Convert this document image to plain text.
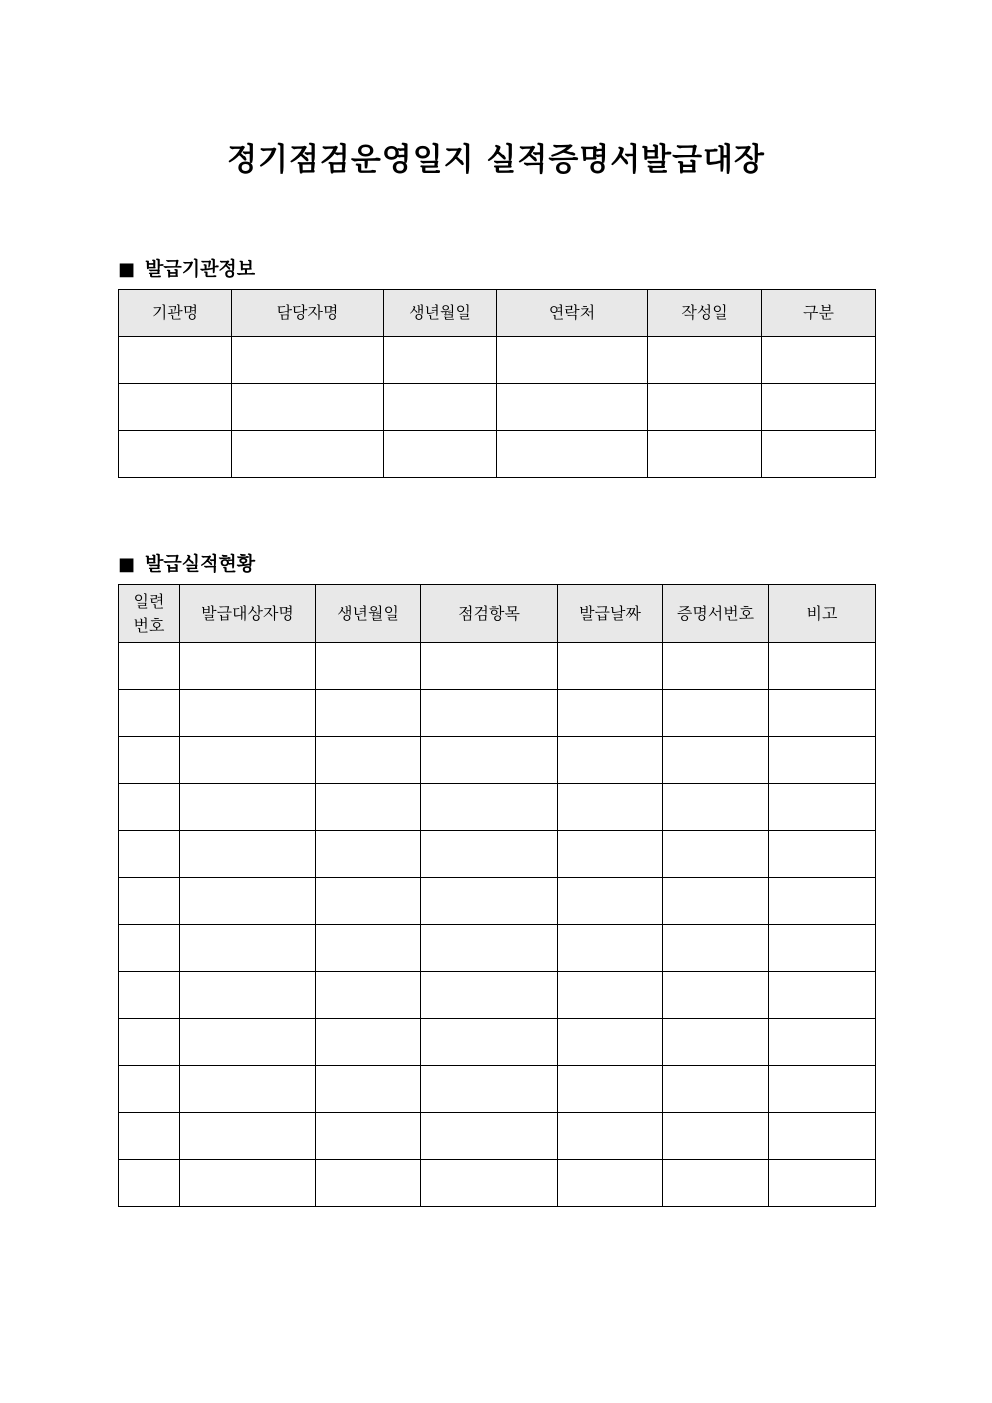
정기점검운영일지 실적증명서발급대장
■ 발급기관정보
기관명	담당자명	생년월일	연락처	작성일	구분

■ 발급실적현황
일련
번호	발급대상자명	생년월일	점검항목	발급날짜	증명서번호	비고
